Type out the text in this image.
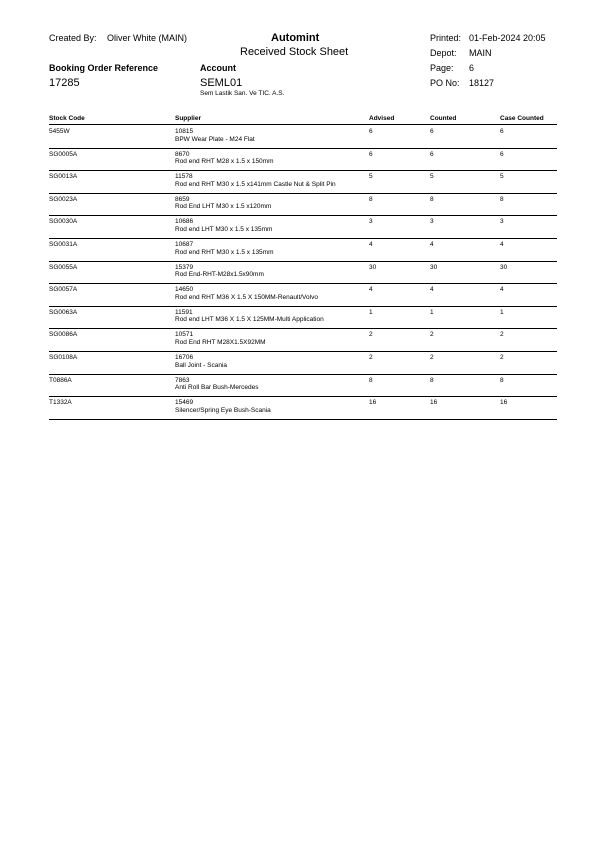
Created By: Oliver White (MAIN)	Automint
Received Stock Sheet
Printed: 01-Feb-2024 20:05
Depot: MAIN
Page: 6
PO No: 18127
Booking Order Reference
17285
Account
SEML01
Sem Lastik San. Ve TIC. A.S.
Stock Code	Supplier	Advised	Counted	Case Counted
5455W	10815
BPW Wear Plate - M24 Flat
6	6	6
SG0005A	8670
Rod end RHT M28 x 1.5 x 150mm
6	6	6
SG0013A	11578
Rod end RHT M30 x 1.5 x141mm Castle Nut & Split Pin
5	5	5
SG0023A	8659
Rod End LHT M30 x 1.5 x120mm
8	8	8
SG0030A	10686
Rod end LHT M30 x 1.5 x 135mm
3	3	3
SG0031A	10687
Rod end RHT M30 x 1.5 x 135mm
4	4	4
SG0055A	15379
Rod End-RHT-M28x1.5x90mm
30	30	30
SG0057A	14650
Rod end RHT M36 X 1.5 X 150MM-Renault/Volvo
4	4	4
SG0063A	11591
Rod end LHT M36 X 1.5 X 125MM-Multi Application
1	1	1
SG0086A	10571
Rod End RHT M28X1.5X92MM
2	2	2
SG0108A	16706
Ball Joint - Scania
2	2	2
T0886A	7863
Anti Roll Bar Bush-Mercedes
8	8	8
T1332A	15469
Silencer/Spring Eye Bush-Scania
16	16	16
